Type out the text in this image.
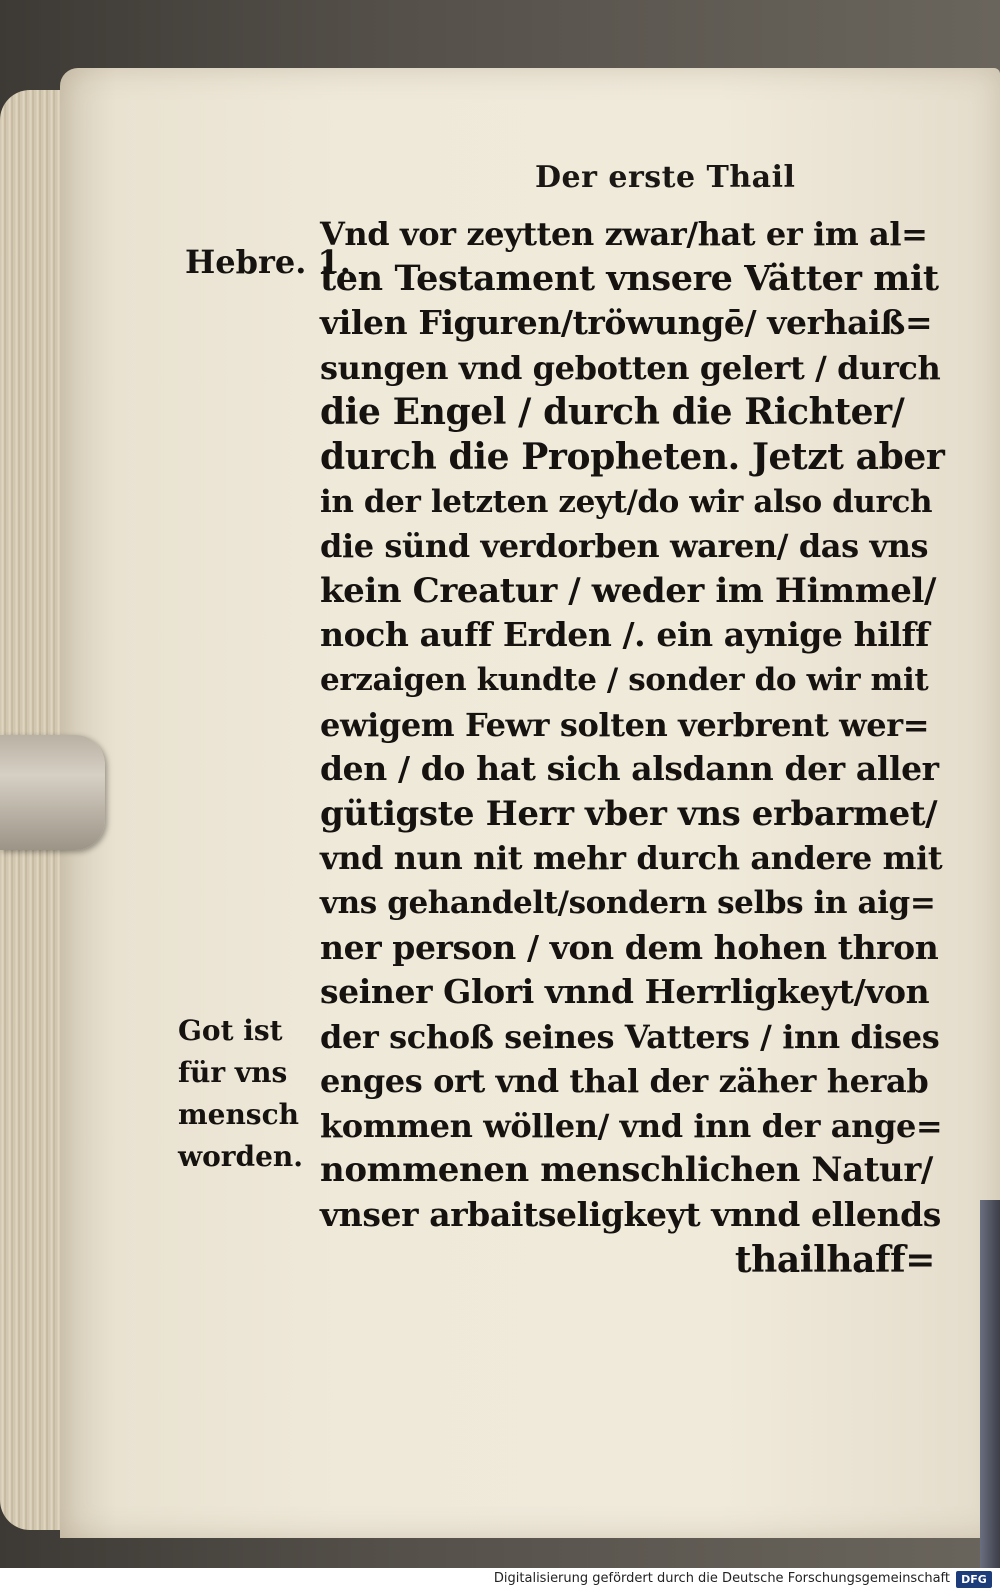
Der erste Thail
Hebre. 1.
Got ist
für vns
mensch
worden.
Vnd vor zeytten zwar/hat er im al=
ten Testament vnsere Vätter mit
vilen Figuren/tröwungē/ verhaiß=
sungen vnd gebotten gelert / durch
die Engel / durch die Richter/
durch die Propheten. Jetzt aber
in der letzten zeyt/do wir also durch
die sünd verdorben waren/ das vns
kein Creatur / weder im Himmel/
noch auff Erden /. ein aynige hilff
erzaigen kundte / sonder do wir mit
ewigem Fewr solten verbrent wer=
den / do hat sich alsdann der aller
gütigste Herr vber vns erbarmet/
vnd nun nit mehr durch andere mit
vns gehandelt/sondern selbs in aig=
ner person / von dem hohen thron
seiner Glori vnnd Herrligkeyt/von
der schoß seines Vatters / inn dises
enges ort vnd thal der zäher herab
kommen wöllen/ vnd inn der ange=
nommenen menschlichen Natur/
vnser arbaitseligkeyt vnnd ellends
thailhaff=
Digitalisierung gefördert durch die Deutsche Forschungsgemeinschaft	DFG
